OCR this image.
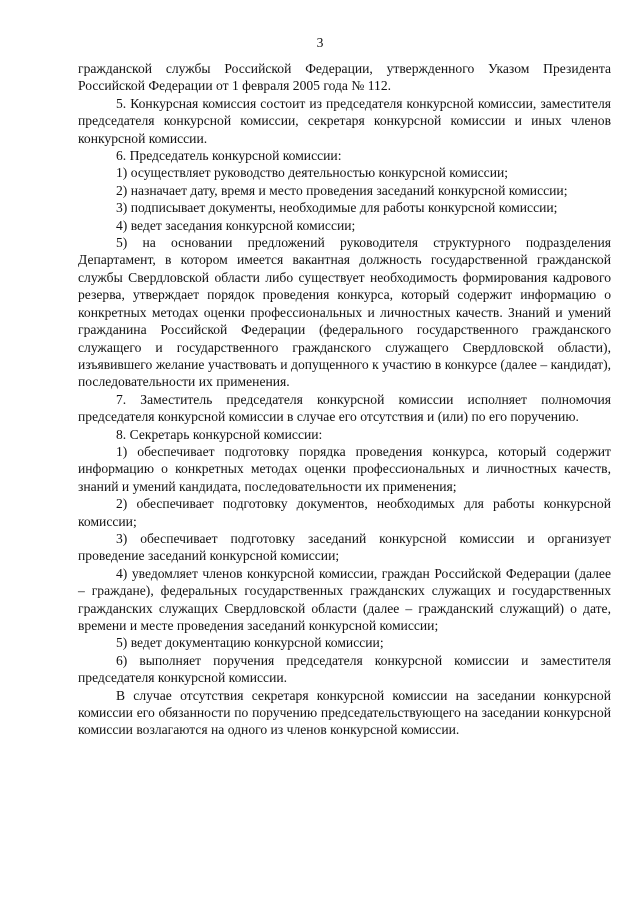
3

гражданской службы Российской Федерации, утвержденного Указом Президента Российской Федерации от 1 февраля 2005 года № 112.

5. Конкурсная комиссия состоит из председателя конкурсной комиссии, заместителя председателя конкурсной комиссии, секретаря конкурсной комиссии и иных членов конкурсной комиссии.

6. Председатель конкурсной комиссии:

1) осуществляет руководство деятельностью конкурсной комиссии;

2) назначает дату, время и место проведения заседаний конкурсной комиссии;

3) подписывает документы, необходимые для работы конкурсной комиссии;

4) ведет заседания конкурсной комиссии;

5) на основании предложений руководителя структурного подразделения Департамент, в котором имеется вакантная должность государственной гражданской службы Свердловской области либо существует необходимость формирования кадрового резерва, утверждает порядок проведения конкурса, который содержит информацию о конкретных методах оценки профессиональных и личностных качеств. Знаний и умений гражданина Российской Федерации (федерального государственного гражданского служащего и государственного гражданского служащего Свердловской области), изъявившего желание участвовать и допущенного к участию в конкурсе (далее – кандидат), последовательности их применения.

7. Заместитель председателя конкурсной комиссии исполняет полномочия председателя конкурсной комиссии в случае его отсутствия и (или) по его поручению.

8. Секретарь конкурсной комиссии:

1) обеспечивает подготовку порядка проведения конкурса, который содержит информацию о конкретных методах оценки профессиональных и личностных качеств, знаний и умений кандидата, последовательности их применения;

2) обеспечивает подготовку документов, необходимых для работы конкурсной комиссии;

3) обеспечивает подготовку заседаний конкурсной комиссии и организует проведение заседаний конкурсной комиссии;

4) уведомляет членов конкурсной комиссии, граждан Российской Федерации (далее – граждане), федеральных государственных гражданских служащих и государственных гражданских служащих Свердловской области (далее – гражданский служащий) о дате, времени и месте проведения заседаний конкурсной комиссии;

5) ведет документацию конкурсной комиссии;

6) выполняет поручения председателя конкурсной комиссии и заместителя председателя конкурсной комиссии.

В случае отсутствия секретаря конкурсной комиссии на заседании конкурсной комиссии его обязанности по поручению председательствующего на заседании конкурсной комиссии возлагаются на одного из членов конкурсной комиссии.
